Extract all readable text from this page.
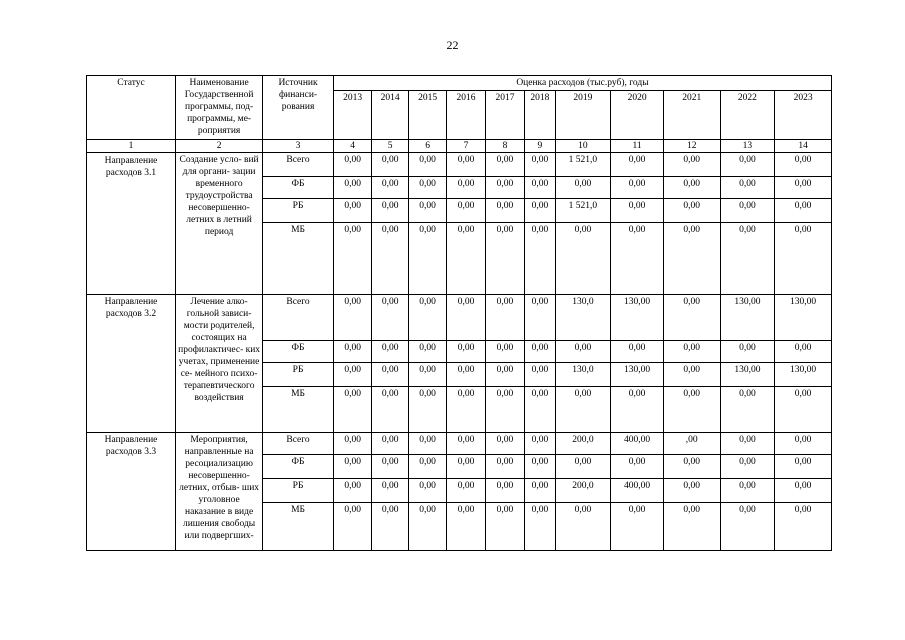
22
Статус	Наименование Государственной программы, под- программы, ме- роприятия	Источник финанси- рования	Оценка расходов (тыс.руб), годы										
			2013	2014	2015	2016	2017	2018	2019	2020	2021	2022	2023
1	2	3	4	5	6	7	8	9	10	11	12	13	14
Направление расходов 3.1	Создание усло- вий для органи- зации временного трудоустройства несовершенно- летних в летний период	Всего	0,00	0,00	0,00	0,00	0,00	0,00	1 521,0	0,00	0,00	0,00	0,00
		ФБ	0,00	0,00	0,00	0,00	0,00	0,00	0,00	0,00	0,00	0,00	0,00
		РБ	0,00	0,00	0,00	0,00	0,00	0,00	1 521,0	0,00	0,00	0,00	0,00
		МБ	0,00	0,00	0,00	0,00	0,00	0,00	0,00	0,00	0,00	0,00	0,00
Направление расходов 3.2	Лечение алко- гольной зависи- мости родителей, состоящих на профилактичес- ких учетах, применение се- мейного психо- терапевтического воздействия	Всего	0,00	0,00	0,00	0,00	0,00	0,00	130,0	130,00	0,00	130,00	130,00
		ФБ	0,00	0,00	0,00	0,00	0,00	0,00	0,00	0,00	0,00	0,00	0,00
		РБ	0,00	0,00	0,00	0,00	0,00	0,00	130,0	130,00	0,00	130,00	130,00
		МБ	0,00	0,00	0,00	0,00	0,00	0,00	0,00	0,00	0,00	0,00	0,00
Направление расходов 3.3	Мероприятия, направленные на ресоциализацию несовершенно- летних, отбыв- ших уголовное наказание в виде лишения свободы или подвергших-	Всего	0,00	0,00	0,00	0,00	0,00	0,00	200,0	400,00	,00	0,00	0,00
		ФБ	0,00	0,00	0,00	0,00	0,00	0,00	0,00	0,00	0,00	0,00	0,00
		РБ	0,00	0,00	0,00	0,00	0,00	0,00	200,0	400,00	0,00	0,00	0,00
		МБ	0,00	0,00	0,00	0,00	0,00	0,00	0,00	0,00	0,00	0,00	0,00
